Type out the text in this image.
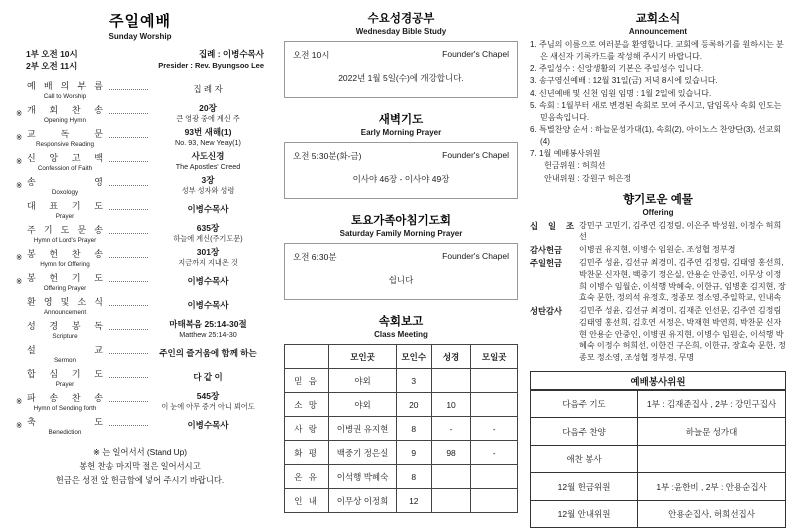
주일예배
Sunday Worship
1부 오전 10시
2부 오전 11시
집례 : 이병수목사
Presider : Rev. Byungsoo Lee
예 배 의 부 름
Call to Worship
집 례 자
※ 개 회 찬 송
Opening Hymn
20장
큰 영광 중에 계신 주
※ 교 독 문
Responsive Reading
93번 새해(1)
No. 93, New Yeay(1)
※ 신 앙 고 백
Confession of Faith
사도신경
The Apostles' Creed
※ 송 영
Doxology
3장
성부 성자와 성령
대 표 기 도
Prayer
이병수목사
주 기 도 문 송
Hymn of Lord's Prayer
635장
하늘에 계신(주기도문)
※ 봉 헌 찬 송
Hymn for Offering
301장
지금까지 지내온 것
※ 봉 헌 기 도
Offering Prayer
이병수목사
환 영 및 소 식
Announcement
이병수목사
성 경 봉 독
Scripture
마태복음 25:14-30절
Matthew 25:14-30
설 교
Sermon
주인의 즐거움에 함께 하는
합 심 기 도
Prayer
다 같 이
※ 파 송 찬 송
Hymn of Sending forth
545장
이 눈에 아무 증거 아니 뵈어도
※ 축 도
Benediction
이병수목사
※ 는 일어서서 (Stand Up)
봉헌 찬송 마지막 절은 일어서시고
헌금은 성전 앞 헌금함에 넣어 주시기 바랍니다.
수요성경공부
Wednesday Bible Study
오전 10시	Founder's Chapel
2022년 1월 5일(수)에 개강합니다.
새벽기도
Early Morning Prayer
오전 5:30분(화-금)	Founder's Chapel
이사야 46장 - 이사야 49장
토요가족아침기도회
Saturday Family Morning Prayer
오전 6:30분	Founder's Chapel
쉽니다
속회보고
Class Meeting
	모인곳	모인수	성경	모일곳
믿 음	야외	3		
소 망	야외	20	10	
사 랑	이병권 유지현	8	-	-
화 평	백중기 정은실	9	98	-
온 유	이석행 박혜숙	8		
인 내	이무상 이정희	12		
교회소식
Announcement
1. 주님의 이름으로 여러분을 환영합니다. 교회에 등록하기를 원하시는 분은 새신자 기록카드를 작성해 주시기 바랍니다.
2. 주일성수 : 신앙생활의 기본은 주일성수 입니다.
3. 송구영신예배 : 12월 31일(금) 저녁 8시에 있습니다.
4. 신년예배 및 신천 임원 임명 : 1월 2일에 있습니다.
5. 속회 : 1월부터 새로 변경된 속회로 모여 주시고, 담임목사 속회 인도는 믿음속입니다.
6. 특별찬양 순서 : 하늘문성가대(1), 속회(2), 아이노스 찬양단(3), 선교회(4)
7. 1월 예배봉사위원
헌금위원 : 허희선
안내위원 : 강원구 허은정
향기로운 예물
Offering
십 일 조 강민구 고민기, 김주연 김정림, 이은주 박성원, 이정수 허희선
감사헌금	이병권 유지현, 이병수 임원순, 조성협 정부경
주일헌금	김민주 성윤, 김선규 최경미, 김주연 김정림, 김태영 홍선희, 박찬문 신자현, 백중기 정은실, 안용순 안중인, 이무상 이정희 이병수 임월순, 이석행 박혜숙, 이한규, 임병훈 김지현, 장효숙 문한, 정의석 유정호, 정종모 정소영,주일학교, 인내속
성탄감사	김민주 성윤, 김선규 최경미, 김재준 인선문, 김주연 김정림 김태영 홍선희, 김호연 서정은, 박재현 박연희, 박찬문 신자현 안용순 안중인, 이병권 유지현, 이병수 임원순, 이석행 박혜숙 이정수 허희선, 이한건 구은희, 이한규, 장효숙 문한, 정종모 정소영, 조성협 정부경, 무명
예배봉사위원	
다음주 기도	1부 : 김재준집사 , 2부 : 강민구집사
다음주 찬양	하늘문 성가대
애찬 봉사	
12월 헌금위원	1부 :윤한비 , 2부 : 안용순집사
12월 안내위원	안용순집사, 허희선집사
